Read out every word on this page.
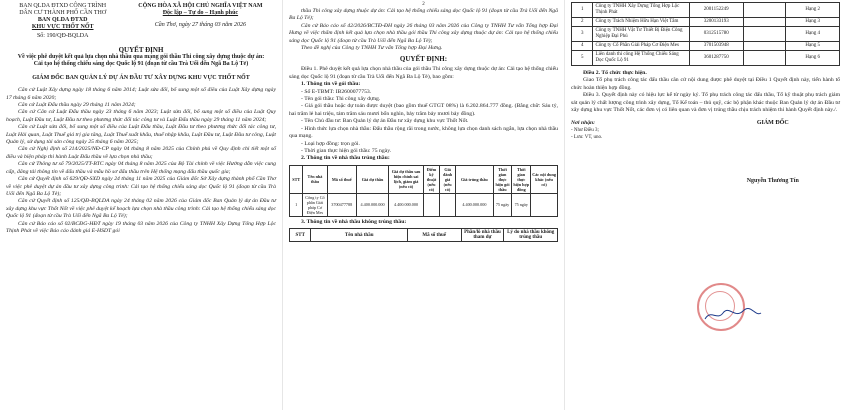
BAN QLDA ĐTXD CÔNG TRÌNH
DÂN CƯ THÀNH PHỐ CẦN THƠ
BAN QLDA ĐTXD
KHU VỰC THỐT NỐT
Số: 190/QĐ-BQLDA
CỘNG HÒA XÃ HỘI CHỦ NGHĨA VIỆT NAM
Độc lập – Tự do – Hạnh phúc
Cần Thơ, ngày 27 tháng 03 năm 2026
QUYẾT ĐỊNH
Về việc phê duyệt kết quả lựa chọn nhà thầu qua mạng gói thầu Thi công xây dựng thuộc dự án: Cải tạo hệ thống chiếu sáng dọc Quốc lộ 91 (đoạn từ cầu Trà Uối đến Ngã Ba Lộ Tẻ)
GIÁM ĐỐC BAN QUẢN LÝ DỰ ÁN ĐẦU TƯ XÂY DỰNG KHU VỰC THỐT NỐT

Căn cứ Luật Xây dựng ngày 18 tháng 6 năm 2014; Luật sửa đổi, bổ sung một số điều của Luật Xây dựng ngày 17 tháng 6 năm 2020;

Căn cứ Luật Đấu thầu ngày 29 tháng 11 năm 2024;

Căn cứ Căn cứ Luật Đấu thầu ngày 23 tháng 6 năm 2023; Luật sửa đổi, bổ sung một số điều của Luật Quy hoạch, Luật Đầu tư, Luật Đầu tư theo phương thức đối tác công tư và Luật Đấu thầu ngày 29 tháng 11 năm 2024;

Căn cứ Luật sửa đổi, bổ sung một số điều của Luật Đấu thầu, Luật Đầu tư theo phương thức đối tác công tư, Luật Hải quan, Luật Thuế giá trị gia tăng, Luật Thuế xuất khẩu, thuế nhập khẩu, Luật Đầu tư, Luật Đầu tư công, Luật Quản lý, sử dụng tài sản công ngày 25 tháng 6 năm 2025;

Căn cứ Nghị định số 214/2025/NĐ-CP ngày 04 tháng 8 năm 2025 của Chính phủ về Quy định chi tiết một số điều và biện pháp thi hành Luật Đấu thầu về lựa chọn nhà thầu;

Căn cứ Thông tư số 79/2025/TT-BTC ngày 04 tháng 8 năm 2025 của Bộ Tài chính về việc Hướng dẫn việc cung cấp, đăng tải thông tin về đấu thầu và mẫu hồ sơ đấu thầu trên Hệ thống mạng đấu thầu quốc gia;

Căn cứ Quyết định số 629/QĐ-SXD ngày 24 tháng 11 năm 2025 của Giám đốc Sở Xây dựng thành phố Cần Thơ về việc phê duyệt dự án đầu tư xây dựng công trình: Cải tạo hệ thống chiếu sáng dọc Quốc lộ 91 (đoạn từ cầu Trà Uối đến Ngã Ba Lộ Tẻ);

Căn cứ Quyết định số 125/QĐ-BQLDA ngày 24 tháng 02 năm 2026 của Giám đốc Ban Quản lý dự án Đầu tư xây dựng khu vực Thốt Nốt về việc phê duyệt kế hoạch lựa chọn nhà thầu công trình: Cải tạo hệ thống chiếu sáng dọc Quốc lộ 91 (đoạn từ cầu Trà Uối đến Ngã Ba Lộ Tẻ);

Căn cứ Báo cáo số 02/BCĐG-HĐT ngày 19 tháng 03 năm 2026 của Công ty TNHH Xây Dựng Tổng Hợp Lộc Thịnh Phát về việc Báo cáo đánh giá E-HSDT gói

2

thầu Thi công xây dựng thuộc dự án: Cải tạo hệ thống chiếu sáng dọc Quốc lộ 91 (đoạn từ cầu Trà Uối đến Ngã Ba Lộ Tẻ);

Căn cứ Báo cáo số 42/2026/BCTĐ-ĐH ngày 26 tháng 03 năm 2026 của Công ty TNHH Tư vấn Tổng hợp Đại Hưng về việc thẩm định kết quả lựa chọn nhà thầu gói thầu Thi công xây dựng thuộc dự án: Cải tạo hệ thống chiếu sáng dọc Quốc lộ 91 (đoạn từ cầu Trà Uối đến Ngã Ba Lộ Tẻ);

Theo đề nghị của Công ty TNHH Tư vấn Tổng hợp Đại Hưng.

QUYẾT ĐỊNH:

Điều 1. Phê duyệt kết quả lựa chọn nhà thầu của gói thầu Thi công xây dựng thuộc dự án: Cải tạo hệ thống chiếu sáng dọc Quốc lộ 91 (đoạn từ cầu Trà Uối đến Ngã Ba Lộ Tẻ), bao gồm:

1. Thông tin về gói thầu:

- Số E-TBMT: IB2600077753.

- Tên gói thầu: Thi công xây dựng.

- Giá gói thầu hoặc dự toán được duyệt (bao gồm thuế GTGT 08%) là 6.202.864.777 đồng. (Bằng chữ: Sáu tỷ, hai trăm lẻ hai triệu, tám trăm sáu mươi bốn nghìn, bảy trăm bảy mươi bảy đồng).

- Tên Chủ đầu tư: Ban Quản lý dự án Đầu tư xây dựng khu vực Thốt Nốt.

- Hình thức lựa chọn nhà thầu: Đấu thầu rộng rãi trong nước, không lựa chọn danh sách ngắn, lựa chọn nhà thầu qua mạng.

- Loại hợp đồng: trọn gói.

- Thời gian thực hiện gói thầu: 75 ngày.

2. Thông tin về nhà thầu trúng thầu:

STT	Tên nhà thầu	Mã số thuế	Giá dự thầu	Giá dự thầu sau hiệu chỉnh sai lệch, giảm giá (nếu có)	Điểm kỹ thuật (nếu có)	Giá đánh giá (nếu có)	Giá trúng thầu	Thời gian thực hiện gói thầu	Thời gian thực hiện hợp đồng	Các nội dung khác (nếu có)
1	Công ty Cổ phần Giải pháp Cơ Điện Mes	3700477788	4.400.000.000	4.400.000.000			4.400.000.000	75 ngày	75 ngày	

3. Thông tin về nhà thầu không trúng thầu:

STT	Tên nhà thầu	Mã số thuế	Phần/lô nhà thầu tham dự	Lý do nhà thầu không trúng thầu
1	Công ty TNHH Xây Dựng Tổng Hợp Lộc Thịnh Phát	2001152249		Hạng 2
2	Công ty Trách Nhiệm Hữu Hạn Việt Tâm	3200133193		Hạng 3
3	Công ty TNHH Vật Tư Thiết Bị Điện Công Nghiệp Đại Phú	0312515780		Hạng 4
4	Công ty Cổ Phần Giải Pháp Cơ Điện Mes	3701503948		Hạng 5
5	Liên danh thi công Hệ Thống Chiếu Sáng Dọc Quốc Lộ 91	3601287750		Hạng 6

Điều 2. Tổ chức thực hiện.

Giao Tổ phụ trách công tác đấu thầu căn cứ nội dung được phê duyệt tại Điều 1 Quyết định này, tiến hành tổ chức hoàn thiện hợp đồng.

Điều 3. Quyết định này có hiệu lực kể từ ngày ký. Tổ phụ trách công tác đấu thầu, Tổ kỹ thuật phụ trách giám sát quản lý chất lượng công trình xây dựng, Tổ Kế toán – thủ quỹ, các bộ phận khác thuộc Ban Quản lý dự án Đầu tư xây dựng khu vực Thốt Nốt, các đơn vị có liên quan và đơn vị trúng thầu chịu trách nhiệm thi hành Quyết định này./.

Nơi nhận:
- Như Điều 3;
- Lưu: VT, uno.
GIÁM ĐỐC
Nguyễn Thương Tín
